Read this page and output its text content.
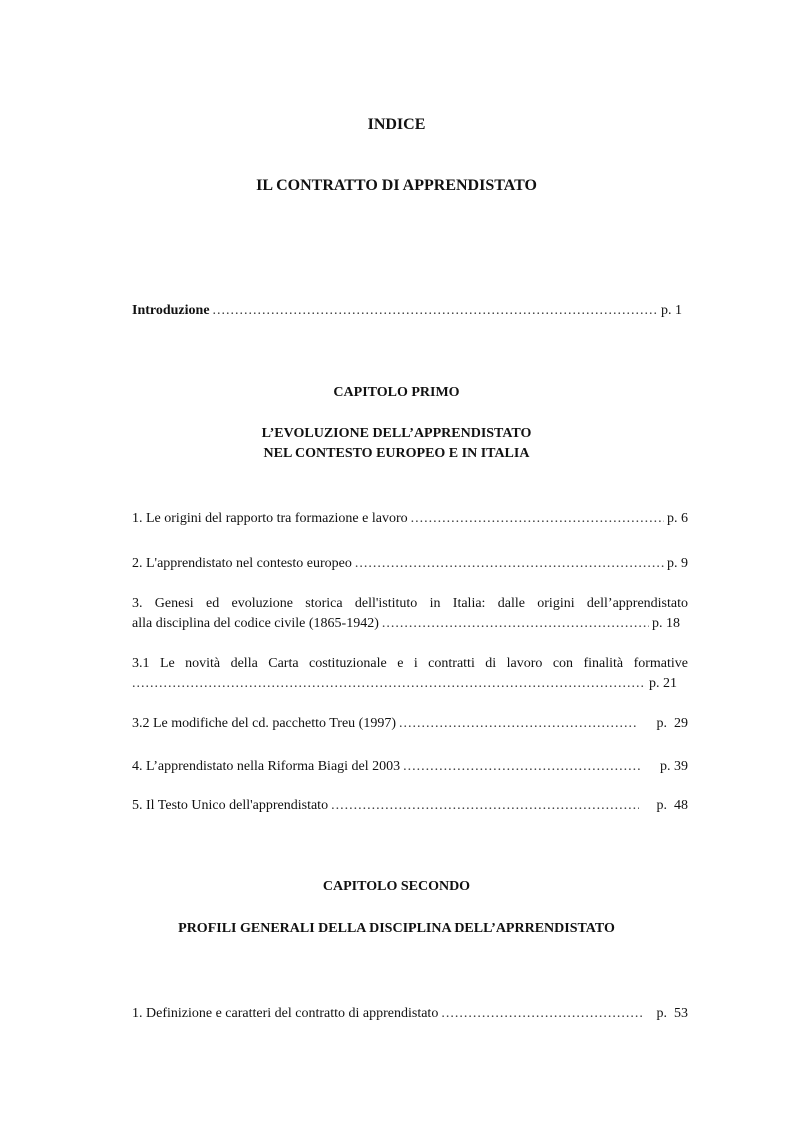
INDICE
IL CONTRATTO DI APPRENDISTATO
Introduzione .....	p. 1
CAPITOLO PRIMO
L’EVOLUZIONE DELL’APPRENDISTATO
NEL CONTESTO EUROPEO E IN ITALIA
1. Le origini del rapporto tra formazione e lavoro .....	p. 6
2. L'apprendistato nel contesto europeo .....	p. 9
3. Genesi ed evoluzione storica dell'istituto in Italia: dalle origini dell’apprendistato
alla disciplina del codice civile (1865-1942) .....	p. 18
3.1 Le novità della Carta costituzionale e i contratti di lavoro con finalità formative
.....
p. 21
3.2 Le modifiche del cd. pacchetto Treu (1997) .....	p.  29
4. L’apprendistato nella Riforma Biagi del 2003 .....	p. 39
5. Il Testo Unico dell'apprendistato .....	p.  48
CAPITOLO SECONDO
PROFILI GENERALI DELLA DISCIPLINA DELL’APRRENDISTATO
1. Definizione e caratteri del contratto di apprendistato .....	p.  53
